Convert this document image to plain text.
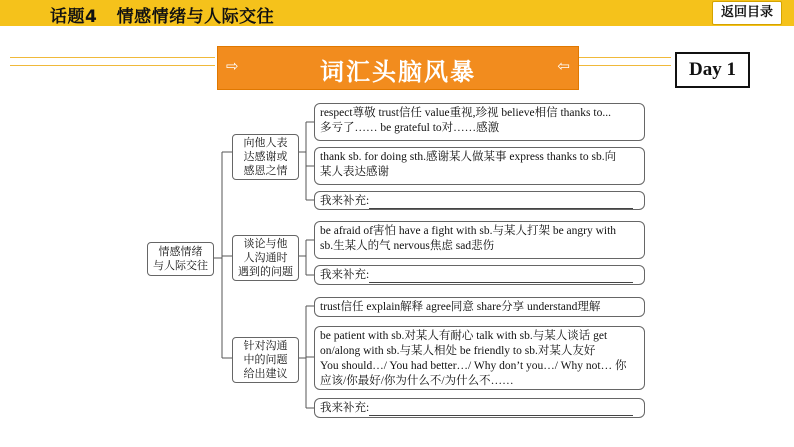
话题4   情感情绪与人际交往	返回目录
⇨	词汇头脑风暴	⇦	Day 1
情感情绪
与人际交往
向他人表
达感谢或
感恩之情
谈论与他
人沟通时
遇到的问题
针对沟通
中的问题
给出建议
respect尊敬 trust信任 value重视,珍视 believe相信 thanks to...
多亏了…… be grateful to对……感激
thank sb. for doing sth.感谢某人做某事 express thanks to sb.向
某人表达感谢
我来补充:
be afraid of害怕 have a fight with sb.与某人打架 be angry with
sb.生某人的气 nervous焦虑 sad悲伤
我来补充:
trust信任 explain解释 agree同意 share分享 understand理解
be patient with sb.对某人有耐心 talk with sb.与某人谈话 get
on/along with sb.与某人相处 be friendly to sb.对某人友好
You should…/ You had better…/ Why don’t you…/ Why not… 你
应该/你最好/你为什么不/为什么不……
我来补充:
